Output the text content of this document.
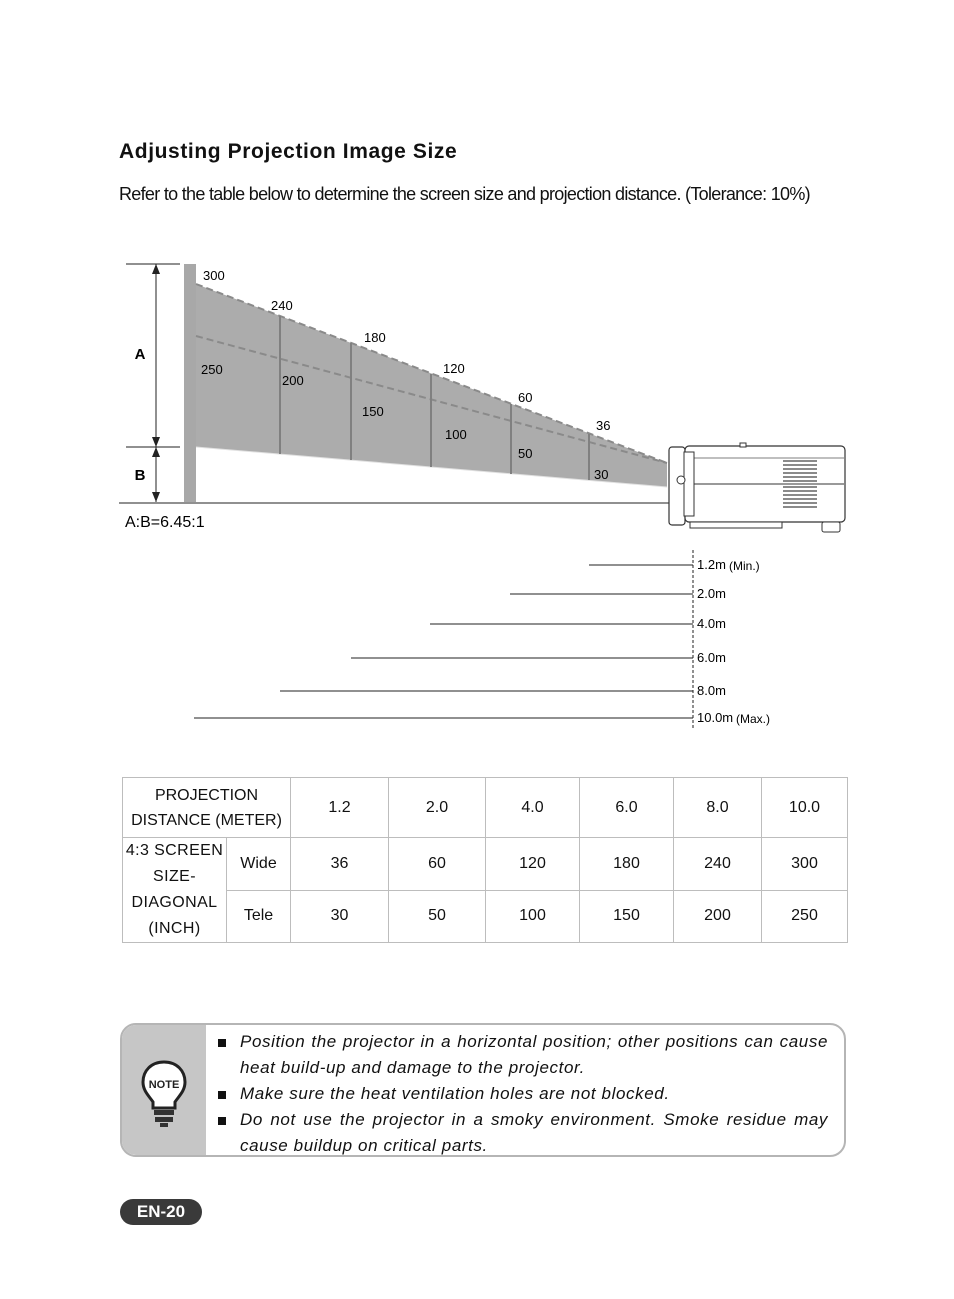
Adjusting Projection Image Size
Refer to the table below to determine the screen size and projection distance. (Tolerance: 10%)
A
B
300
240
180
120
60
36
250
200
150
100
50
30
A:B=6.45:1
1.2m (Min.)
2.0m
4.0m
6.0m
8.0m
10.0m (Max.)
PROJECTION
DISTANCE (METER)		1.2	2.0	4.0	6.0	8.0	10.0

4:3 SCREEN
SIZE-
DIAGONAL
(INCH)	Wide	36	60	120	180	240	300
	Tele	30	50	100	150	200	250
NOTE
Position the projector in a horizontal position; other positions can cause heat build-up and damage to the projector.
Make sure the heat ventilation holes are not blocked.
Do not use the projector in a smoky environment. Smoke residue may cause buildup on critical parts.
EN-20
